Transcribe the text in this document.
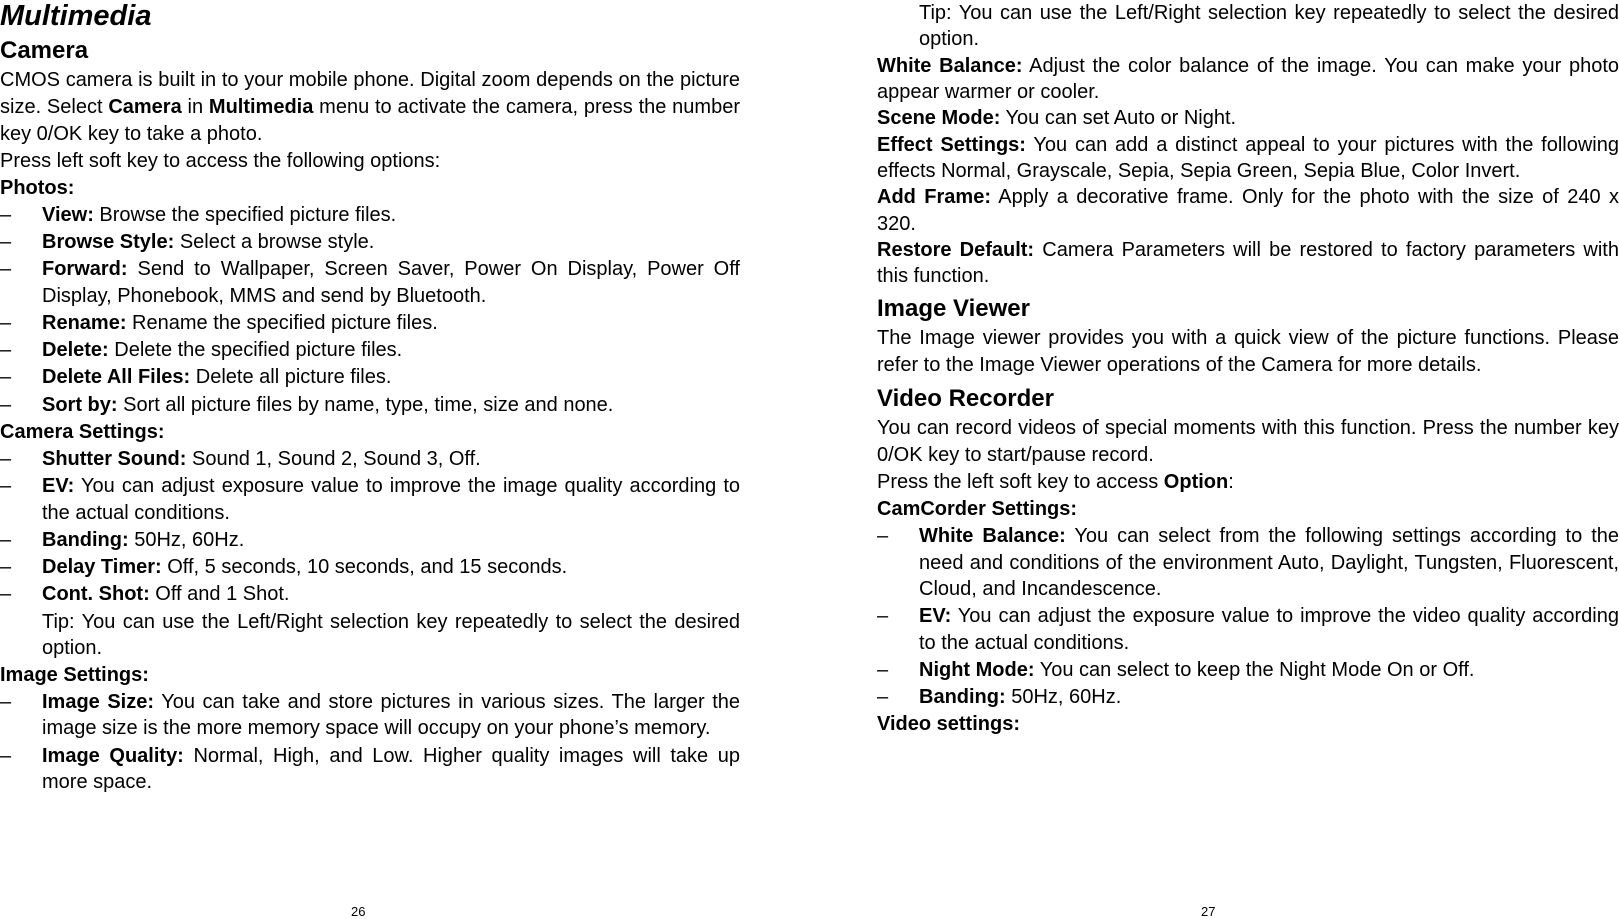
Multimedia
Camera

CMOS camera is built in to your mobile phone. Digital zoom depends on the picture size. Select Camera in Multimedia menu to activate the camera, press the number key 0/OK key to take a photo.

Press left soft key to access the following options:

Photos:
– View: Browse the specified picture files.
– Browse Style: Select a browse style.
– Forward: Send to Wallpaper, Screen Saver, Power On Display, Power Off Display, Phonebook, MMS and send by Bluetooth.
– Rename: Rename the specified picture files.
– Delete: Delete the specified picture files.
– Delete All Files: Delete all picture files.
– Sort by: Sort all picture files by name, type, time, size and none.
Camera Settings:
– Shutter Sound: Sound 1, Sound 2, Sound 3, Off.
– EV: You can adjust exposure value to improve the image quality according to the actual conditions.
– Banding: 50Hz, 60Hz.
– Delay Timer: Off, 5 seconds, 10 seconds, and 15 seconds.
– Cont. Shot: Off and 1 Shot.
Tip: You can use the Left/Right selection key repeatedly to select the desired option.
Image Settings:
– Image Size: You can take and store pictures in various sizes. The larger the image size is the more memory space will occupy on your phone’s memory.
– Image Quality: Normal, High, and Low. Higher quality images will take up more space.
26
Tip: You can use the Left/Right selection key repeatedly to select the desired option.

White Balance: Adjust the color balance of the image. You can make your photo appear warmer or cooler.

Scene Mode: You can set Auto or Night.

Effect Settings: You can add a distinct appeal to your pictures with the following effects Normal, Grayscale, Sepia, Sepia Green, Sepia Blue, Color Invert.

Add Frame: Apply a decorative frame. Only for the photo with the size of 240 x 320.

Restore Default: Camera Parameters will be restored to factory parameters with this function.

Image Viewer

The Image viewer provides you with a quick view of the picture functions. Please refer to the Image Viewer operations of the Camera for more details.

Video Recorder

You can record videos of special moments with this function. Press the number key 0/OK key to start/pause record.

Press the left soft key to access Option:

CamCorder Settings:
– White Balance: You can select from the following settings according to the need and conditions of the environment Auto, Daylight, Tungsten, Fluorescent, Cloud, and Incandescence.
– EV: You can adjust the exposure value to improve the video quality according to the actual conditions.
– Night Mode: You can select to keep the Night Mode On or Off.
– Banding: 50Hz, 60Hz.
Video settings:
27
